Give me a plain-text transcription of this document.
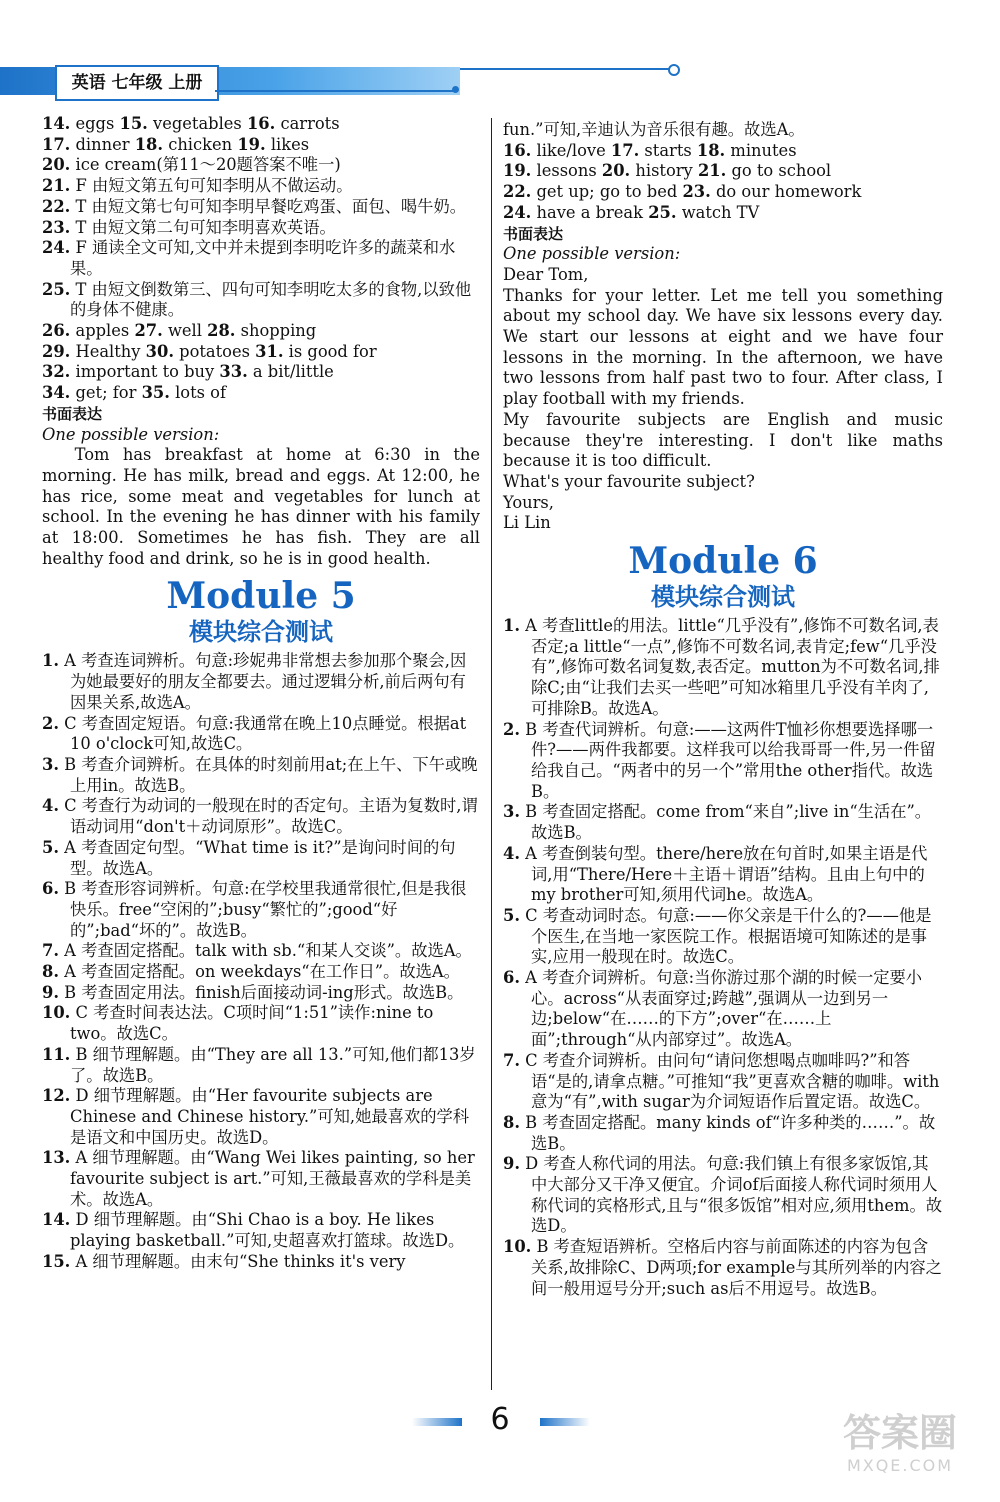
英语 七年级 上册

14. eggs 15. vegetables 16. carrots

17. dinner 18. chicken 19. likes

20. ice cream(第11～20题答案不唯一)

21. F 由短文第五句可知李明从不做运动。

22. T 由短文第七句可知李明早餐吃鸡蛋、面包、喝牛奶。

23. T 由短文第二句可知李明喜欢英语。

24. F 通读全文可知,文中并未提到李明吃许多的蔬菜和水果。

25. T 由短文倒数第三、四句可知李明吃太多的食物,以致他的身体不健康。

26. apples 27. well 28. shopping

29. Healthy 30. potatoes 31. is good for

32. important to buy 33. a bit/little

34. get; for 35. lots of

书面表达

One possible version:

Tom has breakfast at home at 6:30 in the morning. He has milk, bread and eggs. At 12:00, he has rice, some meat and vegetables for lunch at school. In the evening he has dinner with his family at 18:00. Sometimes he has fish. They are all healthy food and drink, so he is in good health.

Module 5

模块综合测试

1. A 考查连词辨析。句意:珍妮弗非常想去参加那个聚会,因为她最要好的朋友全都要去。通过逻辑分析,前后两句有因果关系,故选A。

2. C 考查固定短语。句意:我通常在晚上10点睡觉。根据at 10 o'clock可知,故选C。

3. B 考查介词辨析。在具体的时刻前用at;在上午、下午或晚上用in。故选B。

4. C 考查行为动词的一般现在时的否定句。主语为复数时,谓语动词用“don't＋动词原形”。故选C。

5. A 考查固定句型。“What time is it?”是询问时间的句型。故选A。

6. B 考查形容词辨析。句意:在学校里我通常很忙,但是我很快乐。free“空闲的”;busy“繁忙的”;good“好的”;bad“坏的”。故选B。

7. A 考查固定搭配。talk with sb.“和某人交谈”。故选A。

8. A 考查固定搭配。on weekdays“在工作日”。故选A。

9. B 考查固定用法。finish后面接动词-ing形式。故选B。

10. C 考查时间表达法。C项时间“1:51”读作:nine to two。故选C。

11. B 细节理解题。由“They are all 13.”可知,他们都13岁了。故选B。

12. D 细节理解题。由“Her favourite subjects are Chinese and Chinese history.”可知,她最喜欢的学科是语文和中国历史。故选D。

13. A 细节理解题。由“Wang Wei likes painting, so her favourite subject is art.”可知,王薇最喜欢的学科是美术。故选A。

14. D 细节理解题。由“Shi Chao is a boy. He likes playing basketball.”可知,史超喜欢打篮球。故选D。

15. A 细节理解题。由末句“She thinks it's very

fun.”可知,辛迪认为音乐很有趣。故选A。

16. like/love 17. starts 18. minutes

19. lessons 20. history 21. go to school

22. get up; go to bed 23. do our homework

24. have a break 25. watch TV

书面表达

One possible version:

Dear Tom,

Thanks for your letter. Let me tell you something about my school day. We have six lessons every day. We start our lessons at eight and we have four lessons in the morning. In the afternoon, we have two lessons from half past two to four. After class, I play football with my friends.

My favourite subjects are English and music because they're interesting. I don't like maths because it is too difficult.

What's your favourite subject?

Yours,

Li Lin

Module 6

模块综合测试

1. A 考查little的用法。little“几乎没有”,修饰不可数名词,表否定;a little“一点”,修饰不可数名词,表肯定;few“几乎没有”,修饰可数名词复数,表否定。mutton为不可数名词,排除C;由“让我们去买一些吧”可知冰箱里几乎没有羊肉了,可排除B。故选A。

2. B 考查代词辨析。句意:——这两件T恤衫你想要选择哪一件?——两件我都要。这样我可以给我哥哥一件,另一件留给我自己。“两者中的另一个”常用the other指代。故选B。

3. B 考查固定搭配。come from“来自”;live in“生活在”。故选B。

4. A 考查倒装句型。there/here放在句首时,如果主语是代词,用“There/Here＋主语＋谓语”结构。且由上句中的my brother可知,须用代词he。故选A。

5. C 考查动词时态。句意:——你父亲是干什么的?——他是个医生,在当地一家医院工作。根据语境可知陈述的是事实,应用一般现在时。故选C。

6. A 考查介词辨析。句意:当你游过那个湖的时候一定要小心。across“从表面穿过;跨越”,强调从一边到另一边;below“在……的下方”;over“在……上面”;through“从内部穿过”。故选A。

7. C 考查介词辨析。由问句“请问您想喝点咖啡吗?”和答语“是的,请拿点糖。”可推知“我”更喜欢含糖的咖啡。with意为“有”,with sugar为介词短语作后置定语。故选C。

8. B 考查固定搭配。many kinds of“许多种类的……”。故选B。

9. D 考查人称代词的用法。句意:我们镇上有很多家饭馆,其中大部分又干净又便宜。介词of后面接人称代词时须用人称代词的宾格形式,且与“很多饭馆”相对应,须用them。故选D。

10. B 考查短语辨析。空格后内容与前面陈述的内容为包含关系,故排除C、D两项;for example与其所列举的内容之间一般用逗号分开;such as后不用逗号。故选B。

6	答案圈
MXQE.COM
